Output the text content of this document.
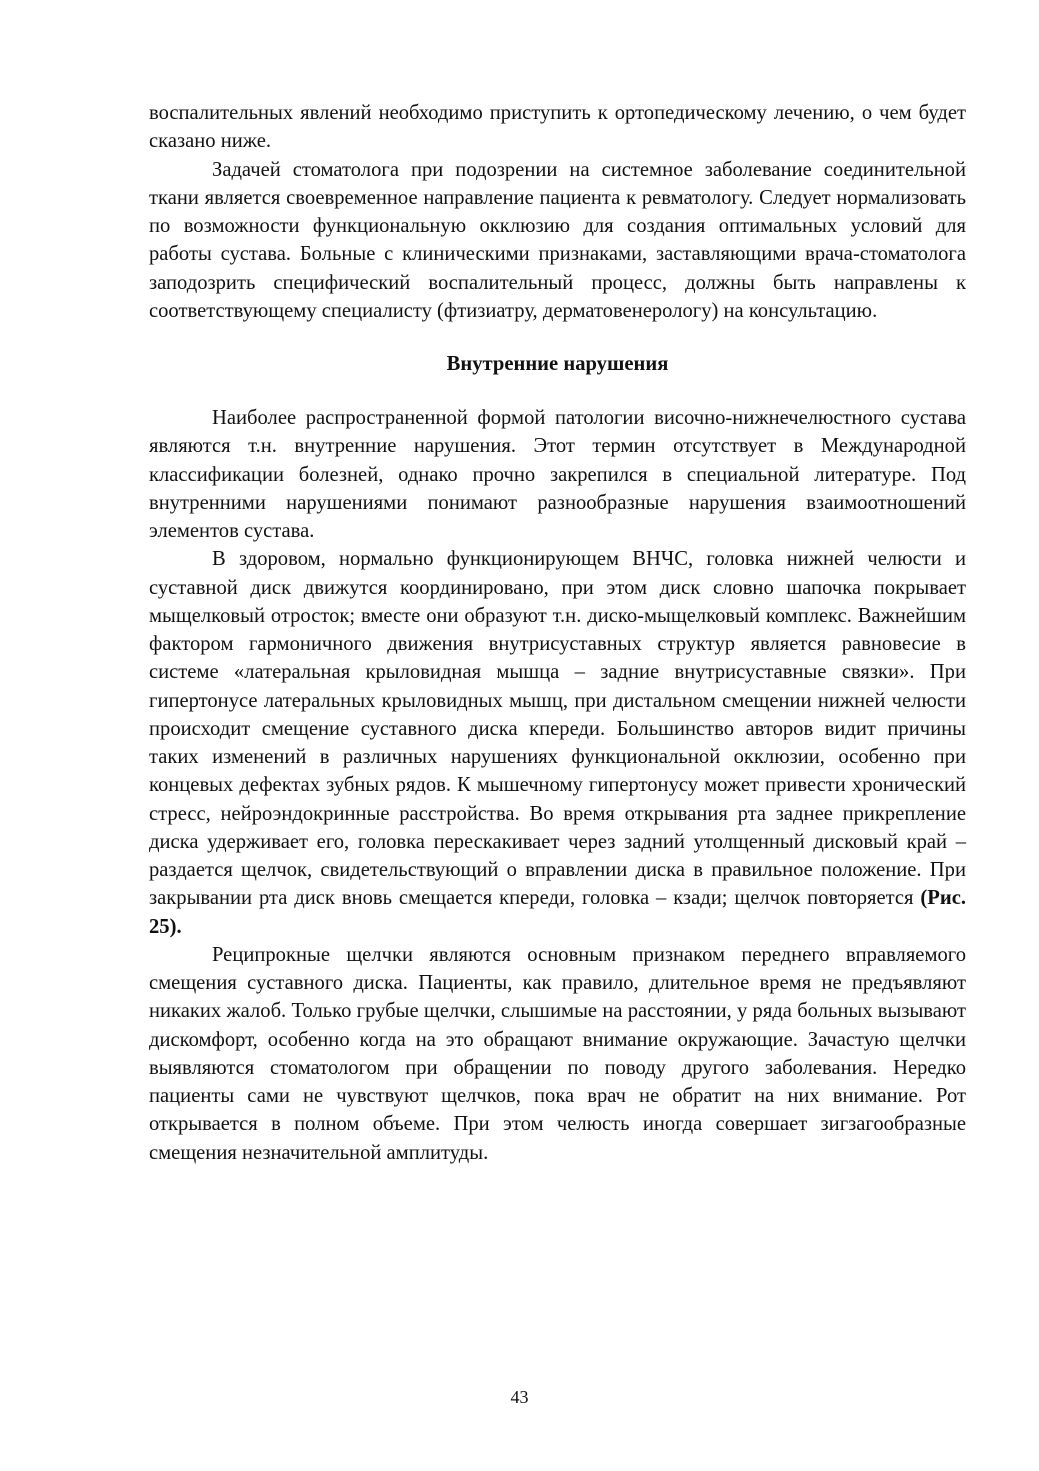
воспалительных явлений необходимо приступить к ортопедическому лечению, о чем будет сказано ниже.

Задачей стоматолога при подозрении на системное заболевание соединительной ткани является своевременное направление пациента к ревматологу. Следует нормализовать по возможности функциональную окклюзию для создания оптимальных условий для работы сустава. Больные с клиническими признаками, заставляющими врача-стоматолога заподозрить специфический воспалительный процесс, должны быть направлены к соответствующему специалисту (фтизиатру, дерматовенерологу) на консультацию.

Внутренние нарушения

Наиболее распространенной формой патологии височно-нижнечелюстного сустава являются т.н. внутренние нарушения. Этот термин отсутствует в Международной классификации болезней, однако прочно закрепился в специальной литературе. Под внутренними нарушениями понимают разнообразные нарушения взаимоотношений элементов сустава.

В здоровом, нормально функционирующем ВНЧС, головка нижней челюсти и суставной диск движутся координировано, при этом диск словно шапочка покрывает мыщелковый отросток; вместе они образуют т.н. диско-мыщелковый комплекс. Важнейшим фактором гармоничного движения внутрисуставных структур является равновесие в системе «латеральная крыловидная мышца – задние внутрисуставные связки». При гипертонусе латеральных крыловидных мышц, при дистальном смещении нижней челюсти происходит смещение суставного диска кпереди. Большинство авторов видит причины таких изменений в различных нарушениях функциональной окклюзии, особенно при концевых дефектах зубных рядов. К мышечному гипертонусу может привести хронический стресс, нейроэндокринные расстройства. Во время открывания рта заднее прикрепление диска удерживает его, головка перескакивает через задний утолщенный дисковый край – раздается щелчок, свидетельствующий о вправлении диска в правильное положение. При закрывании рта диск вновь смещается кпереди, головка – кзади; щелчок повторяется (Рис. 25).

Реципрокные щелчки являются основным признаком переднего вправляемого смещения суставного диска. Пациенты, как правило, длительное время не предъявляют никаких жалоб. Только грубые щелчки, слышимые на расстоянии, у ряда больных вызывают дискомфорт, особенно когда на это обращают внимание окружающие. Зачастую щелчки выявляются стоматологом при обращении по поводу другого заболевания. Нередко пациенты сами не чувствуют щелчков, пока врач не обратит на них внимание. Рот открывается в полном объеме. При этом челюсть иногда совершает зигзагообразные смещения незначительной амплитуды.

43
